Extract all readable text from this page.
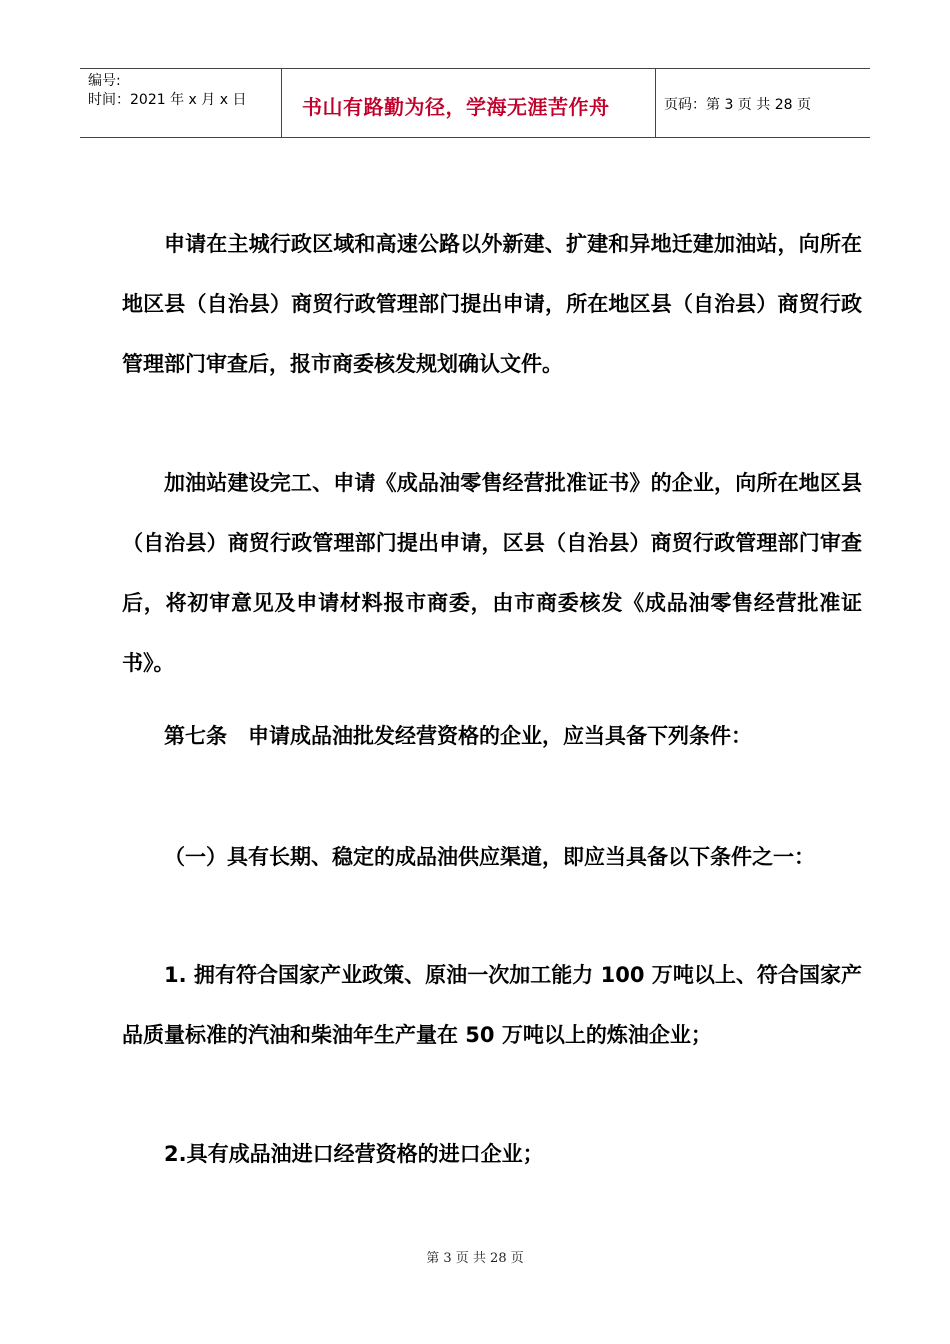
编号:
时间：2021 年 x 月 x 日	书山有路勤为径，学海无涯苦作舟	页码：第 3 页 共 28 页

申请在主城行政区域和高速公路以外新建、扩建和异地迁建加油站，向所在地区县（自治县）商贸行政管理部门提出申请，所在地区县（自治县）商贸行政管理部门审查后，报市商委核发规划确认文件。

加油站建设完工、申请《成品油零售经营批准证书》的企业，向所在地区县（自治县）商贸行政管理部门提出申请，区县（自治县）商贸行政管理部门审查后，将初审意见及申请材料报市商委，由市商委核发《成品油零售经营批准证书》。

第七条　申请成品油批发经营资格的企业，应当具备下列条件：

（一）具有长期、稳定的成品油供应渠道，即应当具备以下条件之一：

1. 拥有符合国家产业政策、原油一次加工能力 100 万吨以上、符合国家产品质量标准的汽油和柴油年生产量在 50 万吨以上的炼油企业；

2.具有成品油进口经营资格的进口企业；

第 3 页 共 28 页
